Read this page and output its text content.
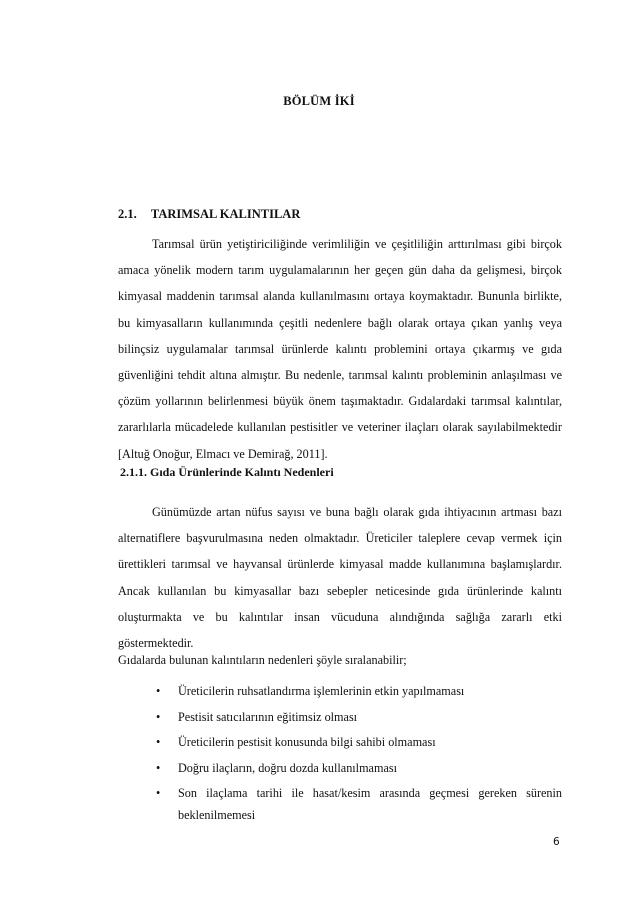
BÖLÜM İKİ
2.1. TARIMSAL KALINTILAR

Tarımsal ürün yetiştiriciliğinde verimliliğin ve çeşitliliğin arttırılması gibi birçok amaca yönelik modern tarım uygulamalarının her geçen gün daha da gelişmesi, birçok kimyasal maddenin tarımsal alanda kullanılmasını ortaya koymaktadır. Bununla birlikte, bu kimyasalların kullanımında çeşitli nedenlere bağlı olarak ortaya çıkan yanlış veya bilinçsiz uygulamalar tarımsal ürünlerde kalıntı problemini ortaya çıkarmış ve gıda güvenliğini tehdit altına almıştır. Bu nedenle, tarımsal kalıntı probleminin anlaşılması ve çözüm yollarının belirlenmesi büyük önem taşımaktadır. Gıdalardaki tarımsal kalıntılar, zararlılarla mücadelede kullanılan pestisitler ve veteriner ilaçları olarak sayılabilmektedir [Altuğ Onoğur, Elmacı ve Demirağ, 2011].

2.1.1. Gıda Ürünlerinde Kalıntı Nedenleri

Günümüzde artan nüfus sayısı ve buna bağlı olarak gıda ihtiyacının artması bazı alternatiflere başvurulmasına neden olmaktadır. Üreticiler taleplere cevap vermek için ürettikleri tarımsal ve hayvansal ürünlerde kimyasal madde kullanımına başlamışlardır. Ancak kullanılan bu kimyasallar bazı sebepler neticesinde gıda ürünlerinde kalıntı oluşturmakta ve bu kalıntılar insan vücuduna alındığında sağlığa zararlı etki göstermektedir.

Gıdalarda bulunan kalıntıların nedenleri şöyle sıralanabilir;

• Üreticilerin ruhsatlandırma işlemlerinin etkin yapılmaması
• Pestisit satıcılarının eğitimsiz olması
• Üreticilerin pestisit konusunda bilgi sahibi olmaması
• Doğru ilaçların, doğru dozda kullanılmaması
• Son ilaçlama tarihi ile hasat/kesim arasında geçmesi gereken sürenin beklenilmemesi
6
